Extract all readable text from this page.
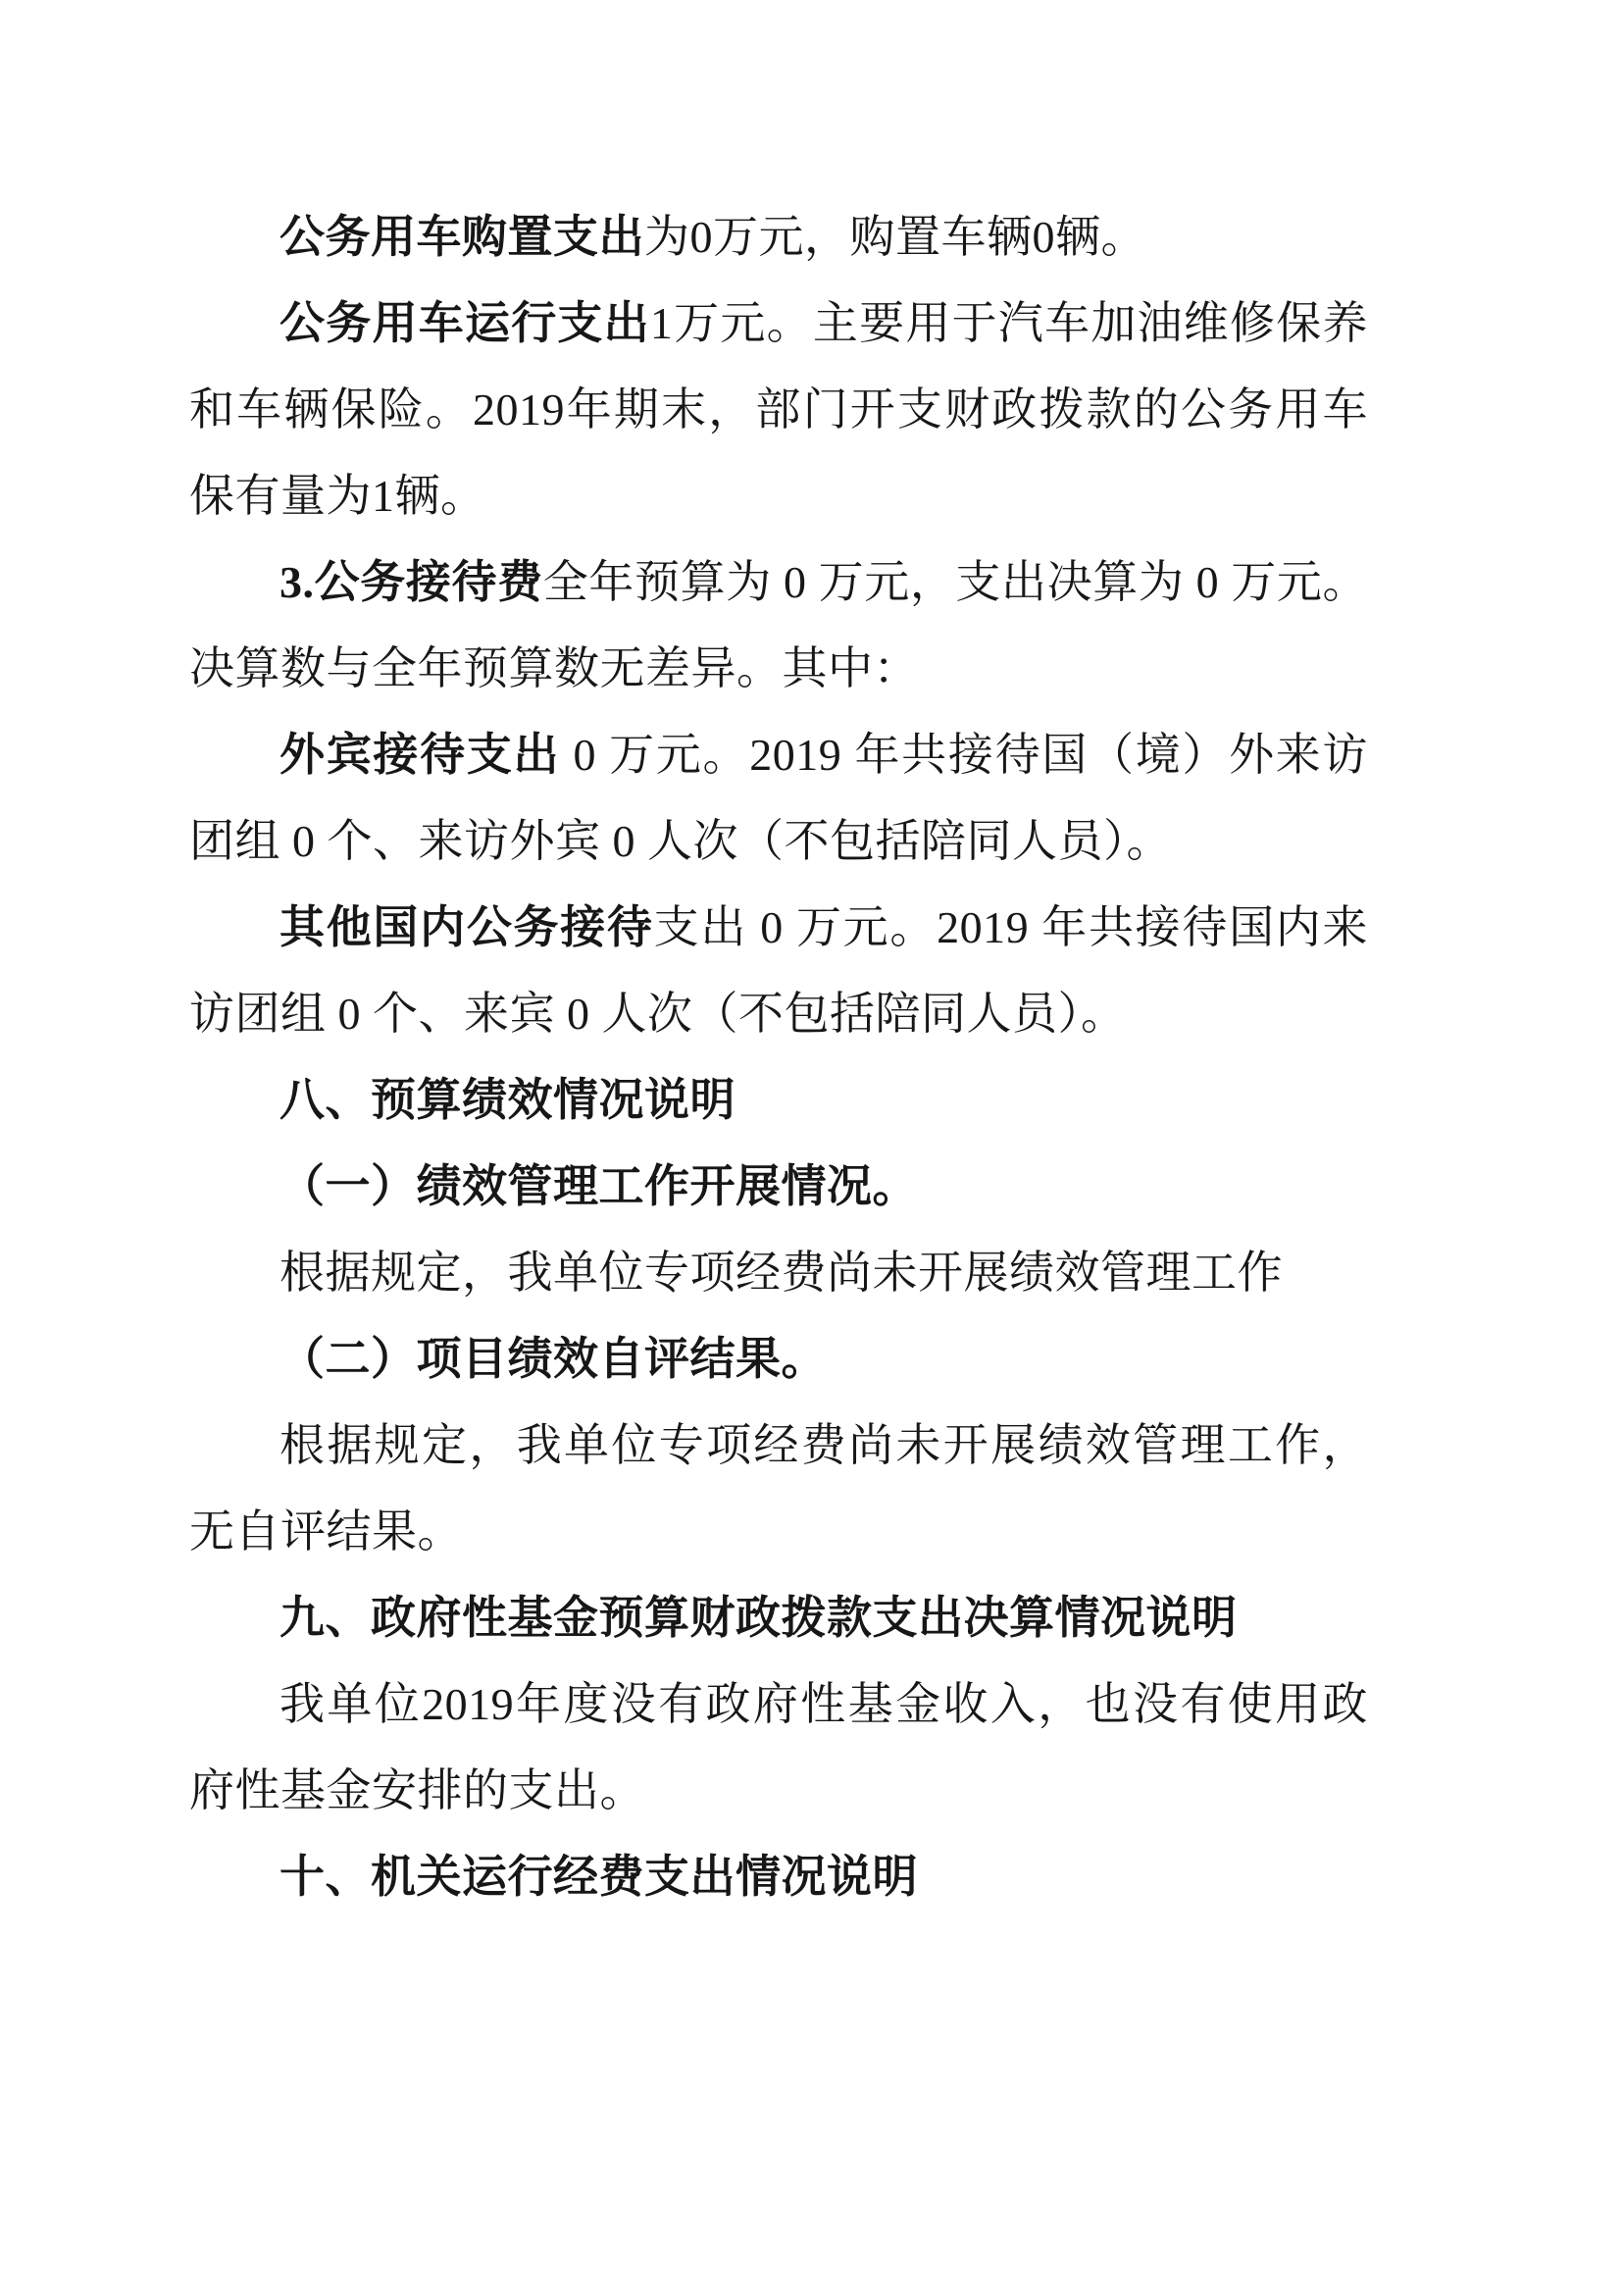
公务用车购置支出为0万元，购置车辆0辆。

公务用车运行支出1万元。主要用于汽车加油维修保养和车辆保险。2019年期末，部门开支财政拨款的公务用车保有量为1辆。

3.公务接待费全年预算为 0 万元，支出决算为 0 万元。决算数与全年预算数无差异。其中：

外宾接待支出 0 万元。2019 年共接待国（境）外来访团组 0 个、来访外宾 0 人次（不包括陪同人员）。

其他国内公务接待支出 0 万元。2019 年共接待国内来访团组 0 个、来宾 0 人次（不包括陪同人员）。

八、预算绩效情况说明

（一）绩效管理工作开展情况。

根据规定，我单位专项经费尚未开展绩效管理工作

（二）项目绩效自评结果。

根据规定，我单位专项经费尚未开展绩效管理工作，无自评结果。

九、政府性基金预算财政拨款支出决算情况说明

我单位2019年度没有政府性基金收入，也没有使用政府性基金安排的支出。

十、机关运行经费支出情况说明
